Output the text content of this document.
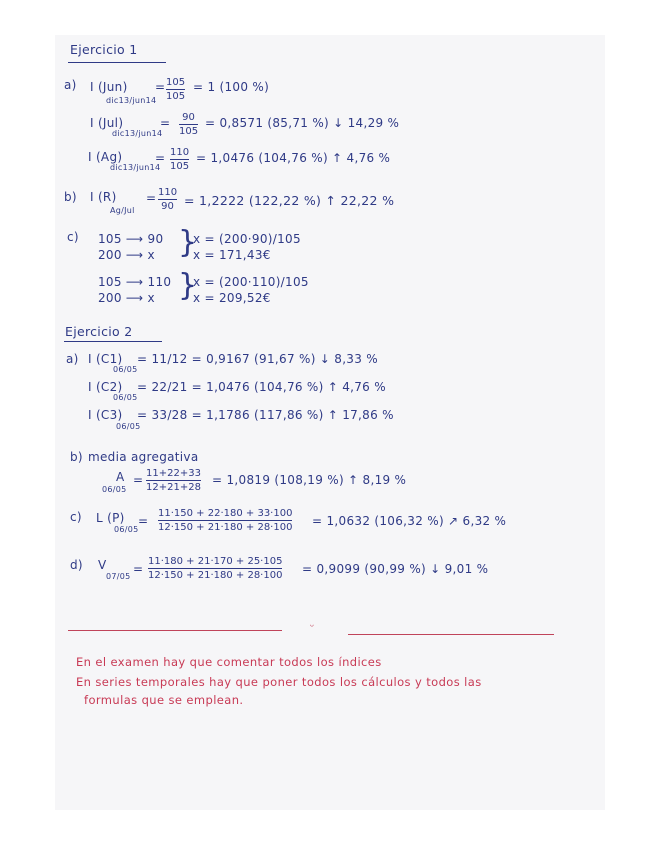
Ejercicio 1
a) I (Jun)
dic13/jun14
= 105
105
= 1 (100 %)
I (Jul)
dic13/jun14
= 90
105
= 0,8571 (85,71 %) ↓ 14,29 %
I (Ag)
dic13/jun14
= 110
105
= 1,0476 (104,76 %) ↑ 4,76 %
b) I (R)
Ag/Jul
= 110
90 = 1,2222 (122,22 %) ↑ 22,22 %
c) 105 ⟶ 90
200 ⟶ x }
x = (200·90)/105
x = 171,43€
105 ⟶ 110
200 ⟶ x }
x = (200·110)/105
x = 209,52€
Ejercicio 2
a) I (C1)
06/05
= 11/12 = 0,9167 (91,67 %) ↓ 8,33 %
I (C2)
06/05
= 22/21 = 1,0476 (104,76 %) ↑ 4,76 %
I (C3)
06/05
= 33/28 = 1,1786 (117,86 %) ↑ 17,86 %
b) media agregativa
A
06/05
= 11+22+33
12+21+28
= 1,0819 (108,19 %) ↑ 8,19 %
c) L (P)
06/05
=
11·150 + 22·180 + 33·100
12·150 + 21·180 + 28·100 = 1,0632 (106,32 %) ↗ 6,32 %
d) V
07/05
=
11·180 + 21·170 + 25·105
12·150 + 21·180 + 28·100 = 0,9099 (90,99 %) ↓ 9,01 %
ᵕ
En el examen hay que comentar todos los índices
En series temporales hay que poner todos los cálculos y todos las
formulas que se emplean.
